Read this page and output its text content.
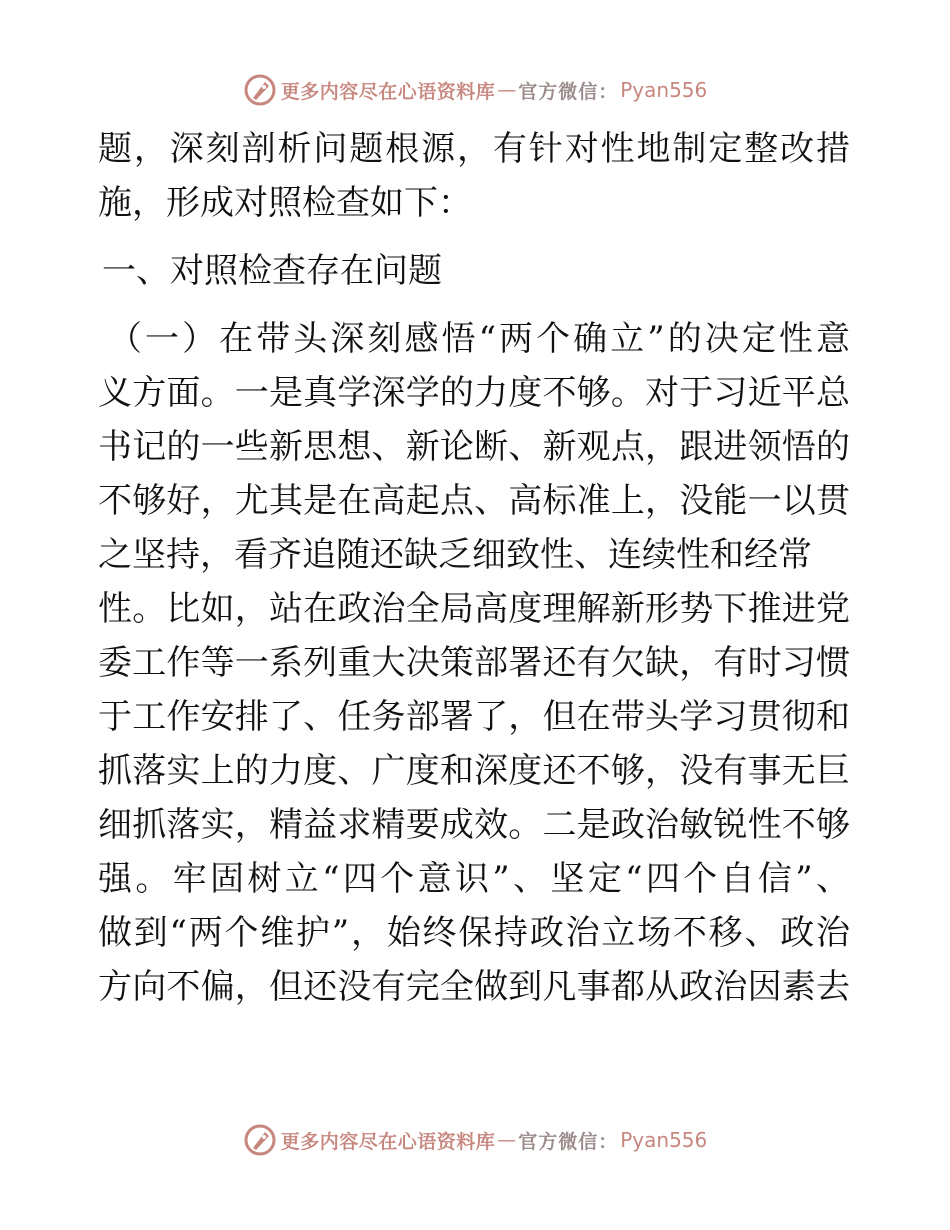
更多内容尽在心语资料库 — 官方微信： Pyan556
题，深刻剖析问题根源，有针对性地制定整改措
施，形成对照检查如下：
一、对照检查存在问题
（一）在带头深刻感悟“两个确立”的决定性意
义方面。一是真学深学的力度不够。对于习近平总
书记的一些新思想、新论断、新观点，跟进领悟的
不够好，尤其是在高起点、高标准上，没能一以贯
之坚持，看齐追随还缺乏细致性、连续性和经常
性。比如，站在政治全局高度理解新形势下推进党
委工作等一系列重大决策部署还有欠缺，有时习惯
于工作安排了、任务部署了，但在带头学习贯彻和
抓落实上的力度、广度和深度还不够，没有事无巨
细抓落实，精益求精要成效。二是政治敏锐性不够
强。牢固树立“四个意识”、坚定“四个自信”、
做到“两个维护”，始终保持政治立场不移、政治
方向不偏，但还没有完全做到凡事都从政治因素去
更多内容尽在心语资料库 — 官方微信： Pyan556
